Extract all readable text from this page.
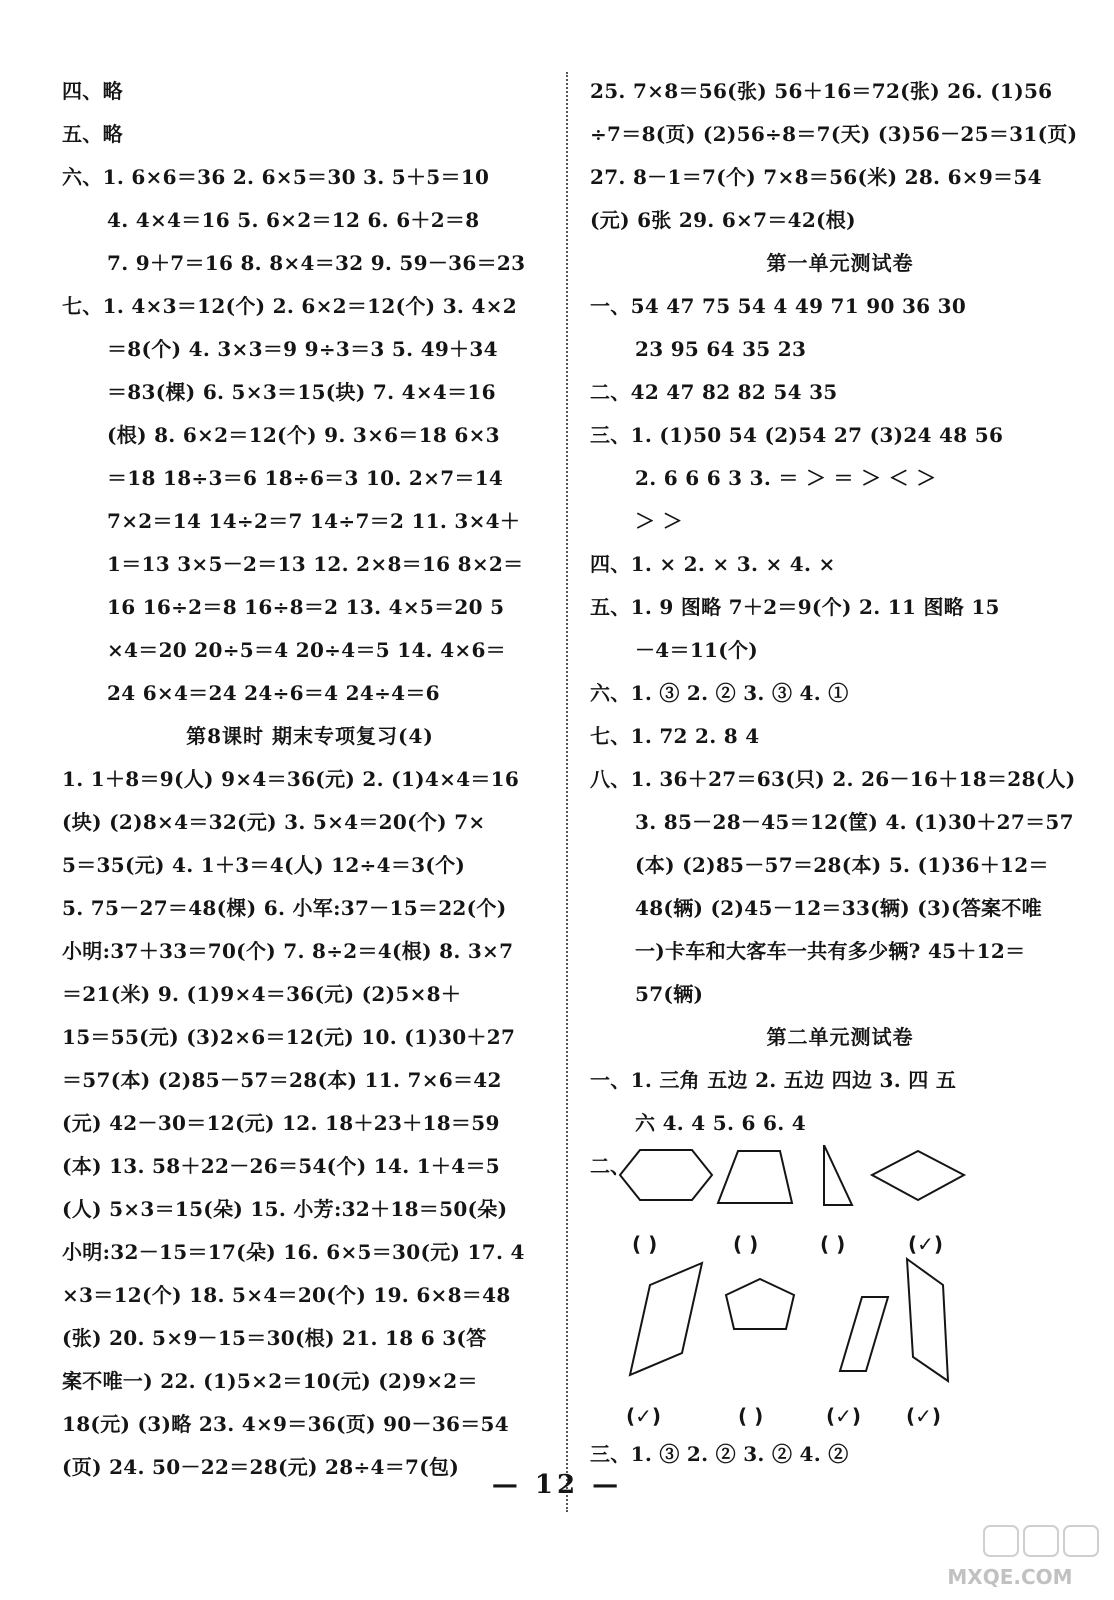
四、略
五、略
六、1. 6×6＝36 2. 6×5＝30 3. 5＋5＝10
4. 4×4＝16 5. 6×2＝12 6. 6＋2＝8
7. 9＋7＝16 8. 8×4＝32 9. 59－36＝23
七、1. 4×3＝12(个) 2. 6×2＝12(个) 3. 4×2
＝8(个) 4. 3×3＝9 9÷3＝3 5. 49＋34
＝83(棵) 6. 5×3＝15(块) 7. 4×4＝16
(根) 8. 6×2＝12(个) 9. 3×6＝18 6×3
＝18 18÷3＝6 18÷6＝3 10. 2×7＝14
7×2＝14 14÷2＝7 14÷7＝2 11. 3×4＋
1＝13 3×5－2＝13 12. 2×8＝16 8×2＝
16 16÷2＝8 16÷8＝2 13. 4×5＝20 5
×4＝20 20÷5＝4 20÷4＝5 14. 4×6＝
24 6×4＝24 24÷6＝4 24÷4＝6
第8课时 期末专项复习(4)
1. 1＋8＝9(人) 9×4＝36(元) 2. (1)4×4＝16
(块) (2)8×4＝32(元) 3. 5×4＝20(个) 7×
5＝35(元) 4. 1＋3＝4(人) 12÷4＝3(个)
5. 75－27＝48(棵) 6. 小军:37－15＝22(个)
小明:37＋33＝70(个) 7. 8÷2＝4(根) 8. 3×7
＝21(米) 9. (1)9×4＝36(元) (2)5×8＋
15＝55(元) (3)2×6＝12(元) 10. (1)30＋27
＝57(本) (2)85－57＝28(本) 11. 7×6＝42
(元) 42－30＝12(元) 12. 18＋23＋18＝59
(本) 13. 58＋22－26＝54(个) 14. 1＋4＝5
(人) 5×3＝15(朵) 15. 小芳:32＋18＝50(朵)
小明:32－15＝17(朵) 16. 6×5＝30(元) 17. 4
×3＝12(个) 18. 5×4＝20(个) 19. 6×8＝48
(张) 20. 5×9－15＝30(根) 21. 18 6 3(答
案不唯一) 22. (1)5×2＝10(元) (2)9×2＝
18(元) (3)略 23. 4×9＝36(页) 90－36＝54
(页) 24. 50－22＝28(元) 28÷4＝7(包)
25. 7×8＝56(张) 56＋16＝72(张) 26. (1)56
÷7＝8(页) (2)56÷8＝7(天) (3)56－25＝31(页)
27. 8－1＝7(个) 7×8＝56(米) 28. 6×9＝54
(元) 6张 29. 6×7＝42(根)
第一单元测试卷
一、54 47 75 54 4 49 71 90 36 30
23 95 64 35 23
二、42 47 82 82 54 35
三、1. (1)50 54 (2)54 27 (3)24 48 56
2. 6 6 6 3 3. ＝ ＞ ＝ ＞ ＜ ＞
＞ ＞
四、1. × 2. × 3. × 4. ×
五、1. 9 图略 7＋2＝9(个) 2. 11 图略 15
－4＝11(个)
六、1. ③ 2. ② 3. ③ 4. ①
七、1. 72 2. 8 4
八、1. 36＋27＝63(只) 2. 26－16＋18＝28(人)
3. 85－28－45＝12(筐) 4. (1)30＋27＝57
(本) (2)85－57＝28(本) 5. (1)36＋12＝
48(辆) (2)45－12＝33(辆) (3)(答案不唯
一)卡车和大客车一共有多少辆? 45＋12＝
57(辆)
第二单元测试卷
一、1. 三角 五边 2. 五边 四边 3. 四 五
六 4. 4 5. 6 6. 4
二、
( )	( )	( )	(✓)
(✓)	( )	(✓) (✓)
三、1. ③ 2. ② 3. ② 4. ②
— 12 —
MXQE.COM
